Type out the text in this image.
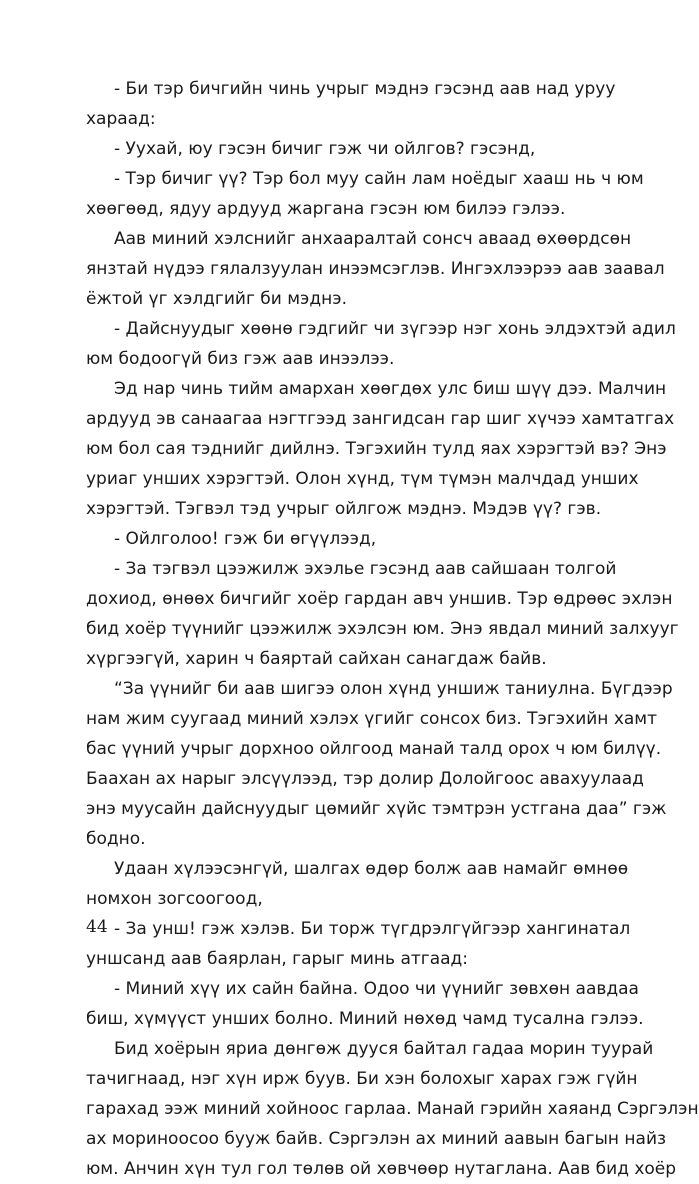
- Би тэр бичгийн чинь учрыг мэднэ гэсэнд аав над уруу
хараад:
- Уухай, юу гэсэн бичиг гэж чи ойлгов? гэсэнд,
- Тэр бичиг үү? Тэр бол муу сайн лам ноёдыг хааш нь ч юм
хөөгөөд, ядуу ардууд жаргана гэсэн юм билээ гэлээ.
Аав миний хэлснийг анхааралтай сонсч аваад өхөөрдсөн
янзтай нүдээ гялалзуулан инээмсэглэв. Ингэхлээрээ аав заавал
ёжтой үг хэлдгийг би мэднэ.
- Дайснуудыг хөөнө гэдгийг чи зүгээр нэг хонь элдэхтэй адил
юм бодоогүй биз гэж аав инээлээ.
Эд нар чинь тийм амархан хөөгдөх улс биш шүү дээ. Малчин
ардууд эв санаагаа нэгтгээд зангидсан гар шиг хүчээ хамтатгах
юм бол сая тэднийг дийлнэ. Тэгэхийн тулд яах хэрэгтэй вэ? Энэ
уриаг унших хэрэгтэй. Олон хүнд, түм түмэн малчдад унших
хэрэгтэй. Тэгвэл тэд учрыг ойлгож мэднэ. Мэдэв үү? гэв.
- Ойлголоо! гэж би өгүүлээд,
- За тэгвэл цээжилж эхэлье гэсэнд аав сайшаан толгой
дохиод, өнөөх бичгийг хоёр гардан авч уншив. Тэр өдрөөс эхлэн
бид хоёр түүнийг цээжилж эхэлсэн юм. Энэ явдал миний залхууг
хүргээгүй, харин ч баяртай сайхан санагдаж байв.
“За үүнийг би аав шигээ олон хүнд уншиж таниулна. Бүгдээр
нам жим суугаад миний хэлэх үгийг сонсох биз. Тэгэхийн хамт
бас үүний учрыг дорхноо ойлгоод манай талд орох ч юм билүү.
Баахан ах нарыг элсүүлээд, тэр долир Долойгоос авахуулаад
энэ муусайн дайснуудыг цөмийг хүйс тэмтрэн устгана даа” гэж
бодно.
Удаан хүлээсэнгүй, шалгах өдөр болж аав намайг өмнөө
номхон зогсоогоод,
- За унш! гэж хэлэв. Би торж түгдрэлгүйгээр хангинатал
уншсанд аав баярлан, гарыг минь атгаад:
- Миний хүү их сайн байна. Одоо чи үүнийг зөвхөн аавдаа
биш, хүмүүст унших болно. Миний нөхөд чамд тусална гэлээ.
Бид хоёрын яриа дөнгөж дууся байтал гадаа морин туурай
тачигнаад, нэг хүн ирж буув. Би хэн болохыг харах гэж гүйн
гарахад ээж миний хойноос гарлаа. Манай гэрийн хаяанд Сэргэлэн
ах мориноосоо бууж байв. Сэргэлэн ах миний аавын багын найз
юм. Анчин хүн тул гол төлөв ой хөвчөөр нутаглана. Аав бид хоёр
44
